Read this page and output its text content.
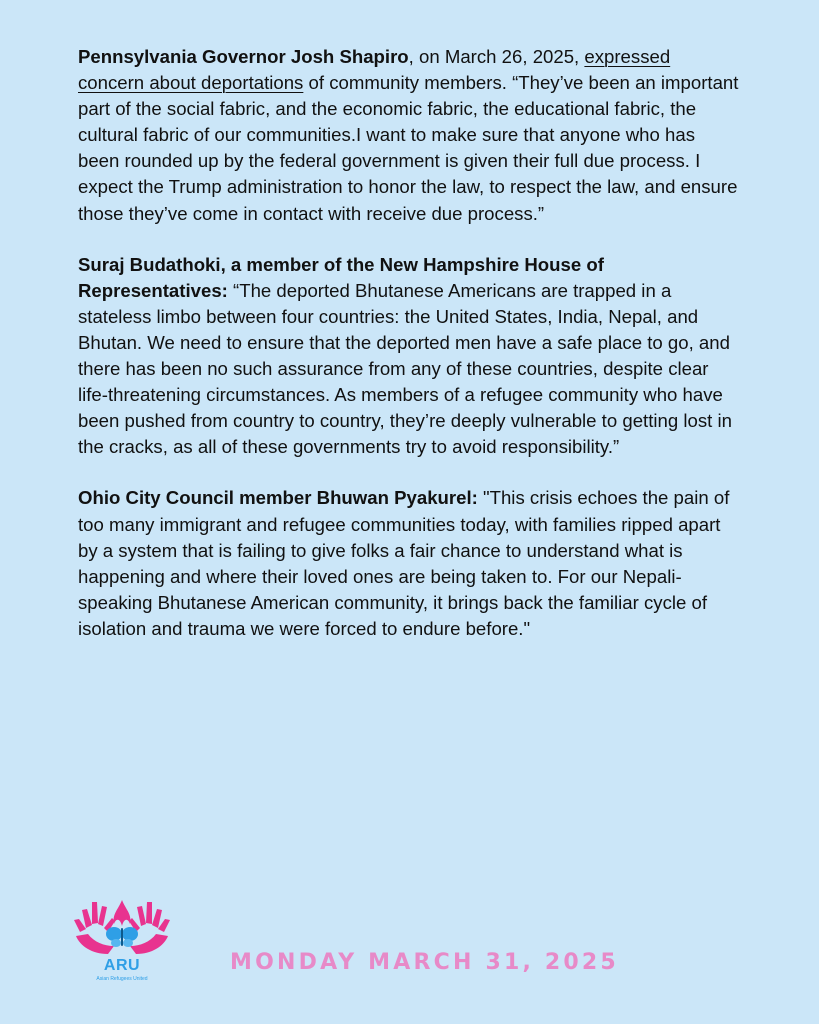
Pennsylvania Governor Josh Shapiro, on March 26, 2025, expressed concern about deportations of community members. “They’ve been an important part of the social fabric, and the economic fabric, the educational fabric, the cultural fabric of our communities.I want to make sure that anyone who has been rounded up by the federal government is given their full due process. I expect the Trump administration to honor the law, to respect the law, and ensure those they’ve come in contact with receive due process.”

Suraj Budathoki, a member of the New Hampshire House of Representatives: “The deported Bhutanese Americans are trapped in a stateless limbo between four countries: the United States, India, Nepal, and Bhutan. We need to ensure that the deported men have a safe place to go, and there has been no such assurance from any of these countries, despite clear life-threatening circumstances. As members of a refugee community who have been pushed from country to country, they’re deeply vulnerable to getting lost in the cracks, as all of these governments try to avoid responsibility.”

Ohio City Council member Bhuwan Pyakurel: "This crisis echoes the pain of too many immigrant and refugee communities today, with families ripped apart by a system that is failing to give folks a fair chance to understand what is happening and where their loved ones are being taken to. For our Nepali-speaking Bhutanese American community, it brings back the familiar cycle of isolation and trauma we were forced to endure before."

ARU
Asian Refugees United
MONDAY MARCH 31, 2025
